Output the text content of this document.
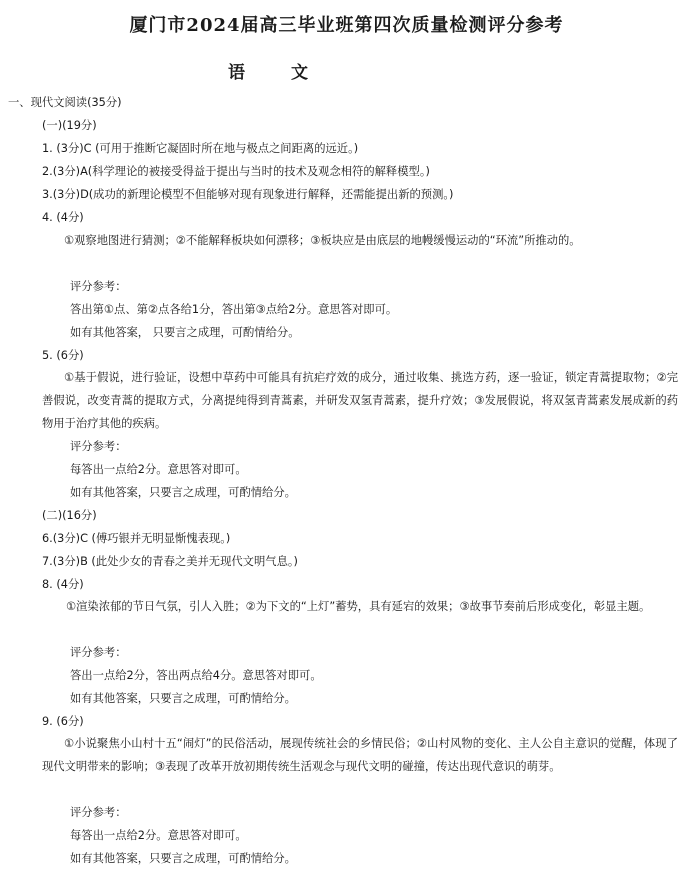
厦门市2024届高三毕业班第四次质量检测评分参考
语文
一、现代文阅读(35分)
(一)(19分)
1. (3分)C (可用于推断它凝固时所在地与极点之间距离的远近。)
2.(3分)A(科学理论的被接受得益于提出与当时的技术及观念相符的解释模型。)
3.(3分)D(成功的新理论模型不但能够对现有现象进行解释，还需能提出新的预测。)
4. (4分)
①观察地图进行猜测；②不能解释板块如何漂移；③板块应是由底层的地幔缓慢运动的“环流”所推动的。
评分参考：
答出第①点、第②点各给1分，答出第③点给2分。意思答对即可。
如有其他答案， 只要言之成理，可酌情给分。
5. (6分)
①基于假说，进行验证，设想中草药中可能具有抗疟疗效的成分，通过收集、挑选方药，逐一验证，锁定青蒿提取物；②完善假说，改变青蒿的提取方式，分离提纯得到青蒿素，并研发双氢青蒿素，提升疗效；③发展假说，将双氢青蒿素发展成新的药物用于治疗其他的疾病。
评分参考：
每答出一点给2分。意思答对即可。
如有其他答案，只要言之成理，可酌情给分。
(二)(16分)
6.(3分)C (傅巧银并无明显惭愧表现。)
7.(3分)B (此处少女的青春之美并无现代文明气息。)
8. (4分)
①渲染浓郁的节日气氛，引人入胜；②为下文的“上灯”蓄势，具有延宕的效果；③故事节奏前后形成变化，彰显主题。
评分参考：
答出一点给2分，答出两点给4分。意思答对即可。
如有其他答案，只要言之成理，可酌情给分。
9. (6分)
①小说聚焦小山村十五“闹灯”的民俗活动，展现传统社会的乡情民俗；②山村风物的变化、主人公自主意识的觉醒，体现了现代文明带来的影响；③表现了改革开放初期传统生活观念与现代文明的碰撞，传达出现代意识的萌芽。
评分参考：
每答出一点给2分。意思答对即可。
如有其他答案，只要言之成理，可酌情给分。
